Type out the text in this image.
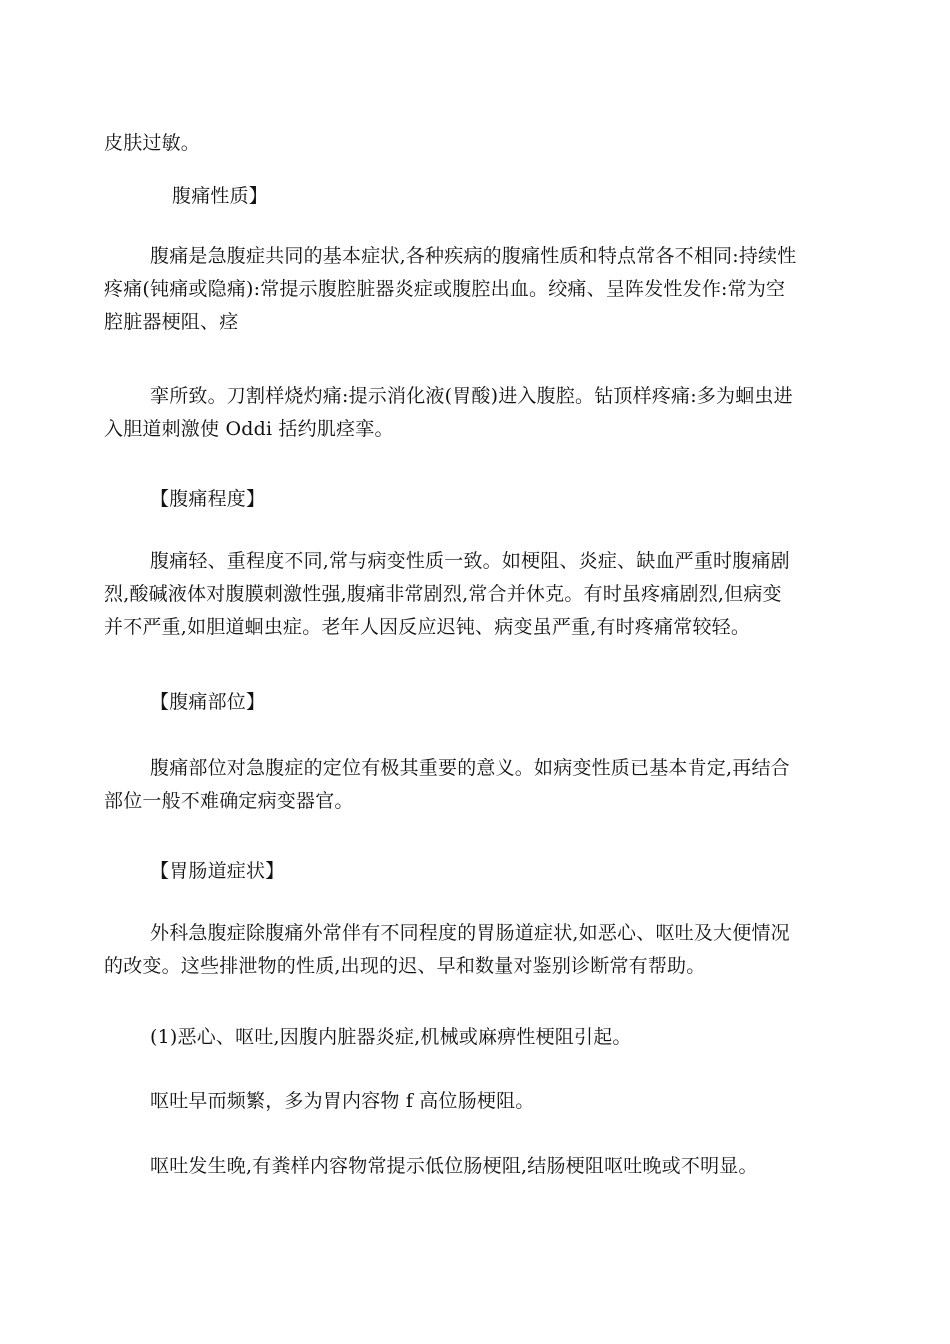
皮肤过敏。

腹痛性质】

腹痛是急腹症共同的基本症状,各种疾病的腹痛性质和特点常各不相同:持续性
疼痛(钝痛或隐痛):常提示腹腔脏器炎症或腹腔出血。绞痛、呈阵发性发作:常为空
腔脏器梗阻、痉

挛所致。刀割样烧灼痛:提示消化液(胃酸)进入腹腔。钻顶样疼痛:多为蛔虫进
入胆道刺激使 Oddi 括约肌痉挛。

【腹痛程度】

腹痛轻、重程度不同,常与病变性质一致。如梗阻、炎症、缺血严重时腹痛剧
烈,酸碱液体对腹膜刺激性强,腹痛非常剧烈,常合并休克。有时虽疼痛剧烈,但病变
并不严重,如胆道蛔虫症。老年人因反应迟钝、病变虽严重,有时疼痛常较轻。

【腹痛部位】

腹痛部位对急腹症的定位有极其重要的意义。如病变性质已基本肯定,再结合
部位一般不难确定病变器官。

【胃肠道症状】

外科急腹症除腹痛外常伴有不同程度的胃肠道症状,如恶心、呕吐及大便情况
的改变。这些排泄物的性质,出现的迟、早和数量对鉴别诊断常有帮助。

(1)恶心、呕吐,因腹内脏器炎症,机械或麻痹性梗阻引起。

呕吐早而频繁，多为胃内容物 f 高位肠梗阻。

呕吐发生晚,有粪样内容物常提示低位肠梗阻,结肠梗阻呕吐晚或不明显。
